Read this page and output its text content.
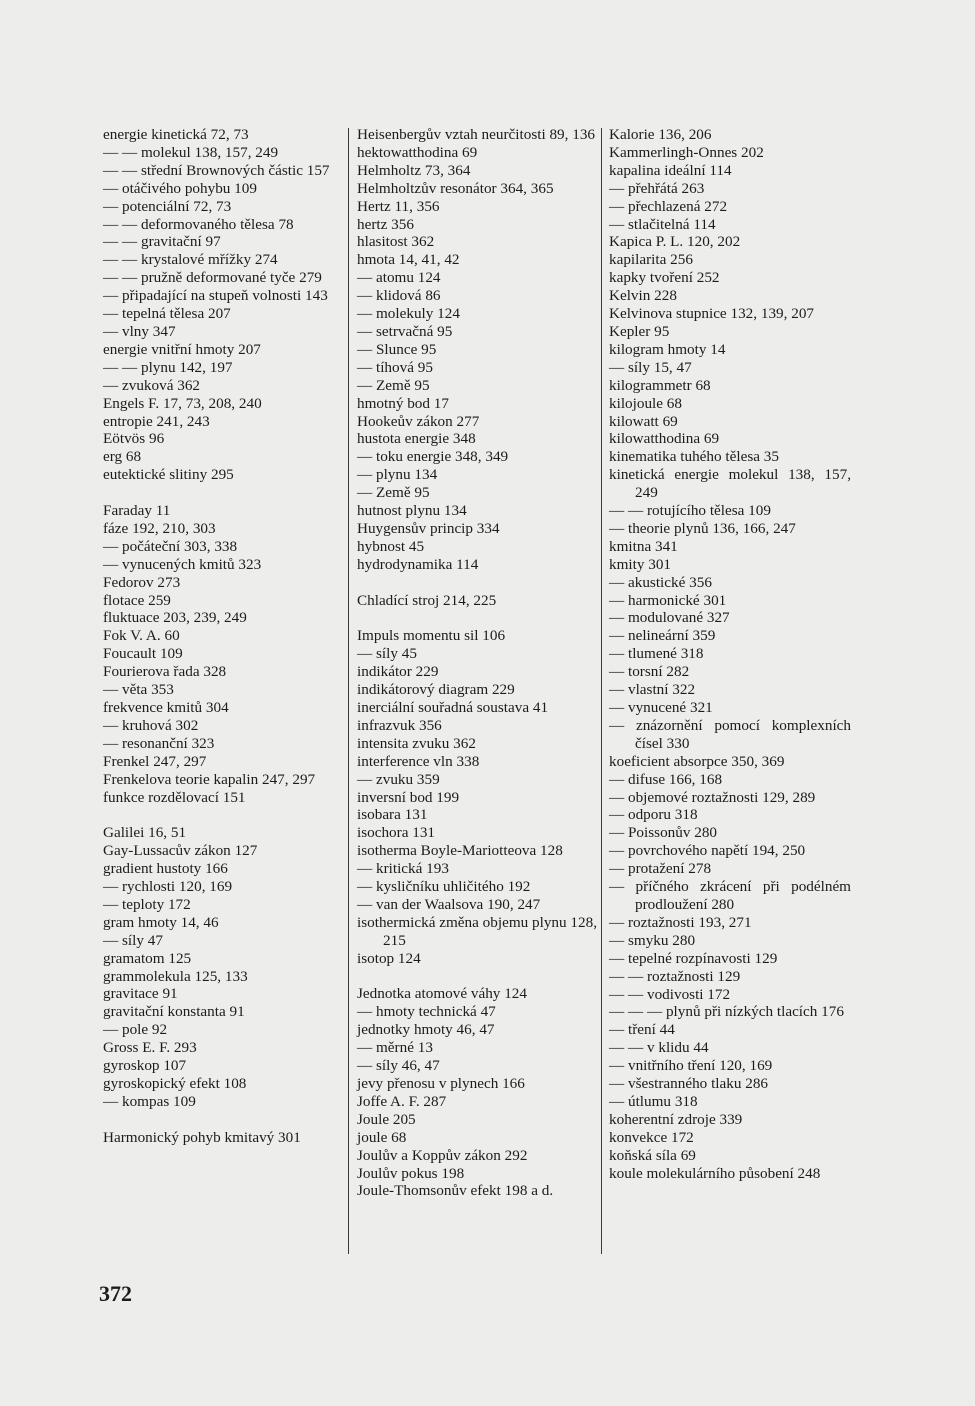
energie kinetická 72, 73
— — molekul 138, 157, 249
— — střední Brownových částic 157
— otáčivého pohybu 109
— potenciální 72, 73
— — deformovaného tělesa 78
— — gravitační 97
— — krystalové mřížky 274
— — pružně deformované tyče 279
— připadající na stupeň volnosti 143
— tepelná tělesa 207
— vlny 347
energie vnitřní hmoty 207
— — plynu 142, 197
— zvuková 362
Engels F. 17, 73, 208, 240
entropie 241, 243
Eötvös 96
erg 68
eutektické slitiny 295
Faraday 11
fáze 192, 210, 303
— počáteční 303, 338
— vynucených kmitů 323
Fedorov 273
flotace 259
fluktuace 203, 239, 249
Fok V. A. 60
Foucault 109
Fourierova řada 328
— věta 353
frekvence kmitů 304
— kruhová 302
— resonanční 323
Frenkel 247, 297
Frenkelova teorie kapalin 247, 297
funkce rozdělovací 151
Galilei 16, 51
Gay-Lussacův zákon 127
gradient hustoty 166
— rychlosti 120, 169
— teploty 172
gram hmoty 14, 46
— síly 47
gramatom 125
grammolekula 125, 133
gravitace 91
gravitační konstanta 91
— pole 92
Gross E. F. 293
gyroskop 107
gyroskopický efekt 108
— kompas 109
Harmonický pohyb kmitavý 301
Heisenbergův vztah neurčitosti 89, 136
hektowatthodina 69
Helmholtz 73, 364
Helmholtzův resonátor 364, 365
Hertz 11, 356
hertz 356
hlasitost 362
hmota 14, 41, 42
— atomu 124
— klidová 86
— molekuly 124
— setrvačná 95
— Slunce 95
— tíhová 95
— Země 95
hmotný bod 17
Hookeův zákon 277
hustota energie 348
— toku energie 348, 349
— plynu 134
— Země 95
hutnost plynu 134
Huygensův princip 334
hybnost 45
hydrodynamika 114
Chladící stroj 214, 225
Impuls momentu sil 106
— síly 45
indikátor 229
indikátorový diagram 229
inerciální souřadná soustava 41
infrazvuk 356
intensita zvuku 362
interference vln 338
— zvuku 359
inversní bod 199
isobara 131
isochora 131
isotherma Boyle-Mariotteova 128
— kritická 193
— kysličníku uhličitého 192
— van der Waalsova 190, 247
isothermická změna objemu plynu 128, 215
isotop 124
Jednotka atomové váhy 124
— hmoty technická 47
jednotky hmoty 46, 47
— měrné 13
— síly 46, 47
jevy přenosu v plynech 166
Joffe A. F. 287
Joule 205
joule 68
Joulův a Koppův zákon 292
Joulův pokus 198
Joule-Thomsonův efekt 198 a d.
Kalorie 136, 206
Kammerlingh-Onnes 202
kapalina ideální 114
— přehřátá 263
— přechlazená 272
— stlačitelná 114
Kapica P. L. 120, 202
kapilarita 256
kapky tvoření 252
Kelvin 228
Kelvinova stupnice 132, 139, 207
Kepler 95
kilogram hmoty 14
— síly 15, 47
kilogrammetr 68
kilojoule 68
kilowatt 69
kilowatthodina 69
kinematika tuhého tělesa 35
kinetická energie molekul 138, 157, 249
— — rotujícího tělesa 109
— theorie plynů 136, 166, 247
kmitna 341
kmity 301
— akustické 356
— harmonické 301
— modulované 327
— nelineární 359
— tlumené 318
— torsní 282
— vlastní 322
— vynucené 321
— znázornění pomocí komplexních čísel 330
koeficient absorpce 350, 369
— difuse 166, 168
— objemové roztažnosti 129, 289
— odporu 318
— Poissonův 280
— povrchového napětí 194, 250
— protažení 278
— příčného zkrácení při podélném prodloužení 280
— roztažnosti 193, 271
— smyku 280
— tepelné rozpínavosti 129
— — roztažnosti 129
— — vodivosti 172
— — — plynů při nízkých tlacích 176
— tření 44
— — v klidu 44
— vnitřního tření 120, 169
— všestranného tlaku 286
— útlumu 318
koherentní zdroje 339
konvekce 172
koňská síla 69
koule molekulárního působení 248
372
